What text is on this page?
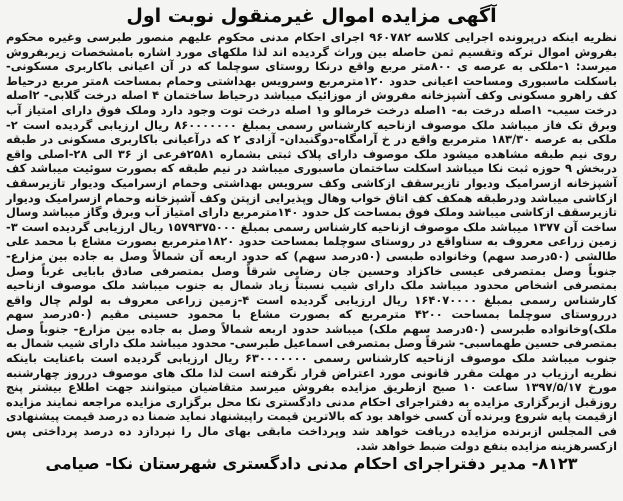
آگهی مزایده اموال غیرمنقول نوبت اول

نظریه اینکه درپرونده اجرایی کلاسه ۹۶۰۷۸۲ اجرای احکام مدنی محکوم علیهم منصور طبرسی وغیره محکوم بفروش اموال ترکه وتقسیم ثمن حاصله بین وراث گردیده اند لذا ملکهای مورد اشاره بامشخصات زیربفروش میرسد: ۱-ملکی به عرصه ی ۸۰۰متر مربع واقع درنکا روستای سوچلما که در آن اعیانی باکاربری مسکونی- باسکلت ماسبوری ومساحت اعیانی حدود ۱۲۰مترمربع وسرویس بهداشتی وحمام بمساحت ۸متر مربع درحیاط کف راهرو مسکونی وکف آشپزخانه مفروش از موزائیک میباشد درحیاط ساختمان ۴ اصله درخت گلابی- ۲اصله درخت سیب- ۱اصله درخت به- ۱اصله درخت خرمالو و۱ اصله درخت توت وجود دارد وملک فوق دارای امتیاز آب وبرق تک فاز میباشد ملک موصوف ازناحیه کارشناس رسمی بمبلغ ۸۶۰۰۰۰۰۰۰ ریال ارزیابی گردیده است ۲-ملکی به عرصه ۱۸۳/۳۰ مترمربع واقع در خ آرامگاه-دوگنبدان- آزادی ۲ که درآعیانی باکاربری مسکونی در طبقه روی نیم طبقه مشاهده میشود ملک موصوف دارای پلاک ثبتی بشماره ۲۵۸۱فرعی از ۳۶ الی ۲۸-اصلی واقع دربخش ۹ حوزه ثبت نکا میباشد اسکلت ساختمان ماسبوری میباشد در نیم طبقه که بصورت سوئیت میباشد کف آشپزخانه ازسرامیک ودیوار تازیرسقف ازکاشی وکف سرویس بهداشتی وحمام ازسرامیک ودیوار تازیرسقف ازکاشی میباشد ودرطبقه همکف کف اتاق خواب وهال وپذیرایی ازپتن وکف آشپزخانه وحمام ازسرامیک ودیوار تازیرسقف ازکاشی میباشد وملک فوق بمساحت کل حدود ۱۴۰مترمربع دارای امتیاز آب وبرق وگاز میباشد وسال ساخت آن ۱۳۷۷ میباشد ملک موصوف ازناحیه کارشناس رسمی بمبلغ ۱۵۷۹۳۷۵۰۰۰ ریال ارزیابی گردیده است ۳-زمین زراعی معروف به سناواقع در روستای سوچلما بمساحت حدود ۱۸۲۰مترمربع بصورت مشاع با محمد علی طالشی (۵۰درصد سهم) وخانواده طبسی (۵۰درصد سهم) که حدود اربعه آن شمالاً وصل به جاده بین مزارع-جنوباً وصل بمتصرفی عیسی خاکزاد وحسین جان رضایی شرقاً وصل بمتصرفی صادق بابایی غرباً وصل بمتصرفی اشخاص محدود میباشد ملک دارای شیب نسبتاً زیاد شمال به جنوب میباشد ملک موصوف ازناحیه کارشناس رسمی بمبلغ ۱۶۴۰۷۰۰۰۰ ریال ارزیابی گردیده است ۴-زمین زراعی معروف به لولم چال واقع درروستای سوچلما بمساحت ۴۲۰۰ مترمربع که بصورت مشاع با محمود حسینی مقیم (۵۰درصد سهم ملک)وخانواده طبرسی (۵۰درصد سهم ملک) میباشد حدود اربعه شمالاً وصل به جاده بین مزارع- جنوباً وصل بمتصرفی حسین طهماسبی- شرقاً وصل بمتصرفی اسماعیل طبرسی- محدود میباشد ملک دارای شیب شمال به جنوب میباشد ملک موصوف ازناحیه کارشناس رسمی ۶۳۰۰۰۰۰۰۰ ریال ارزیابی گردیده است باعنایت باینکه نظریه ارزیاب در مهلت مقرر قانونی مورد اعتراض قرار نگرفته است لذا ملک های موصوف درروز چهارشنبه مورخ ۱۳۹۷/۵/۱۷ ساعت ۱۰ صبح ازطریق مزایده بفروش میرسد متقاضیان میتوانند جهت اطلاع بیشتر پنج روزقبل ازبرگزاری مزایده به دفتراجرای احکام مدنی دادگستری نکا محل برگزاری مزایده مراجعه نمایند مزایده ازقیمت پایه شروع وبرنده آن کسی خواهد بود که بالاترین قیمت راپیشنهاد نماید ضمنا ده درصد قیمت پیشنهادی فی المجلس ازبرنده مزایده دریافت خواهد شد وپرداخت مابقی بهای مال را نپردازد ده درصد پرداختی پس ازکسرهزینه مزایده بنفع دولت ضبط خواهد شد.

۸۱۲۳- مدیر دفتراجرای احکام مدنی دادگستری شهرستان نکا- صیامی
